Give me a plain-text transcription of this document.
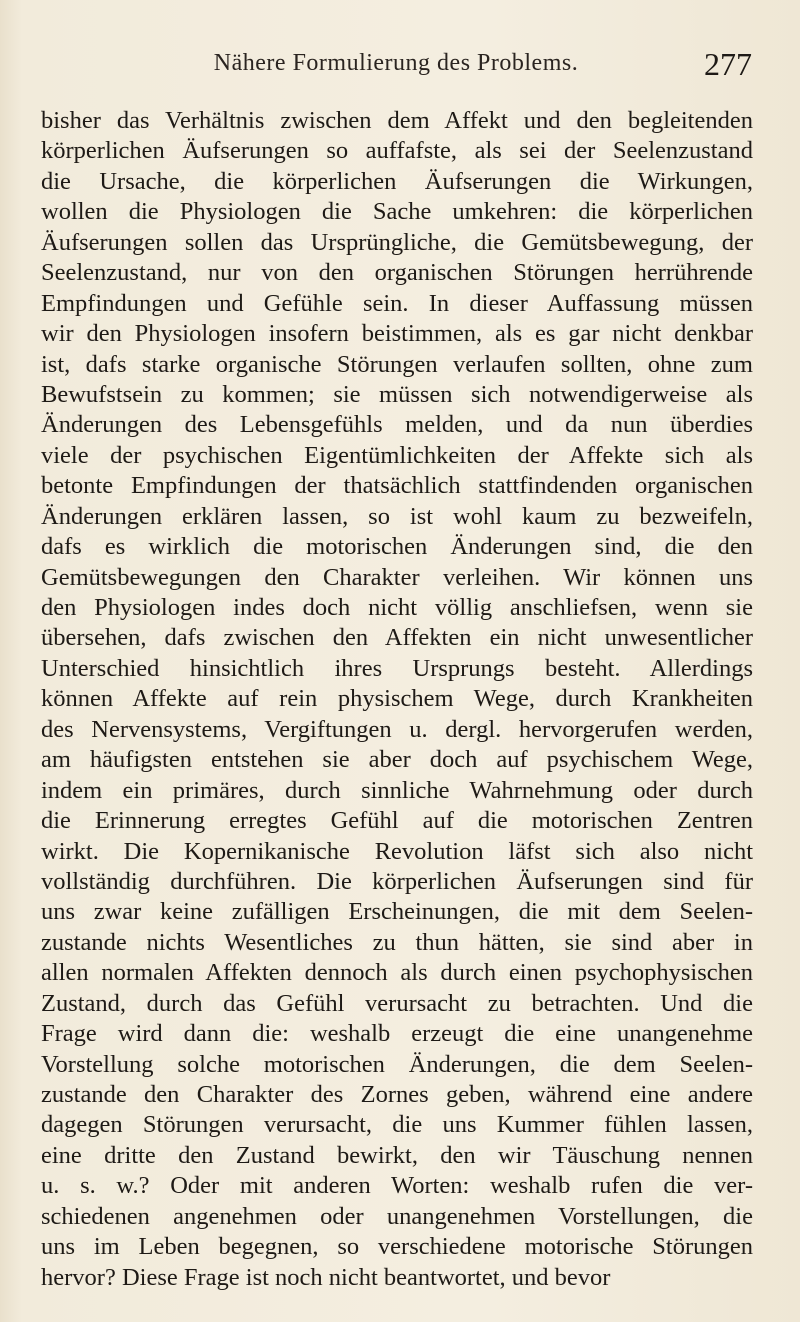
Nähere Formulierung des Problems.	277
bisher das Verhältnis zwischen dem Affekt und den begleitenden
körperlichen Äufserungen so auffafste, als sei der Seelenzustand
die Ursache, die körperlichen Äufserungen die Wirkungen,
wollen die Physiologen die Sache umkehren: die körperlichen
Äufserungen sollen das Ursprüngliche, die Gemütsbewegung, der
Seelenzustand, nur von den organischen Störungen herrührende
Empfindungen und Gefühle sein. In dieser Auffassung müssen
wir den Physiologen insofern beistimmen, als es gar nicht denkbar
ist, dafs starke organische Störungen verlaufen sollten, ohne zum
Bewufstsein zu kommen; sie müssen sich notwendigerweise als
Änderungen des Lebensgefühls melden, und da nun überdies
viele der psychischen Eigentümlichkeiten der Affekte sich als
betonte Empfindungen der thatsächlich stattfindenden organischen
Änderungen erklären lassen, so ist wohl kaum zu bezweifeln,
dafs es wirklich die motorischen Änderungen sind, die den
Gemütsbewegungen den Charakter verleihen. Wir können uns
den Physiologen indes doch nicht völlig anschliefsen, wenn sie
übersehen, dafs zwischen den Affekten ein nicht unwesentlicher
Unterschied hinsichtlich ihres Ursprungs besteht. Allerdings
können Affekte auf rein physischem Wege, durch Krankheiten
des Nervensystems, Vergiftungen u. dergl. hervorgerufen werden,
am häufigsten entstehen sie aber doch auf psychischem Wege,
indem ein primäres, durch sinnliche Wahrnehmung oder durch
die Erinnerung erregtes Gefühl auf die motorischen Zentren
wirkt. Die Kopernikanische Revolution läfst sich also nicht
vollständig durchführen. Die körperlichen Äufserungen sind für
uns zwar keine zufälligen Erscheinungen, die mit dem Seelen-
zustande nichts Wesentliches zu thun hätten, sie sind aber in
allen normalen Affekten dennoch als durch einen psychophysischen
Zustand, durch das Gefühl verursacht zu betrachten. Und die
Frage wird dann die: weshalb erzeugt die eine unangenehme
Vorstellung solche motorischen Änderungen, die dem Seelen-
zustande den Charakter des Zornes geben, während eine andere
dagegen Störungen verursacht, die uns Kummer fühlen lassen,
eine dritte den Zustand bewirkt, den wir Täuschung nennen
u. s. w.? Oder mit anderen Worten: weshalb rufen die ver-
schiedenen angenehmen oder unangenehmen Vorstellungen, die
uns im Leben begegnen, so verschiedene motorische Störungen
hervor? Diese Frage ist noch nicht beantwortet, und bevor
